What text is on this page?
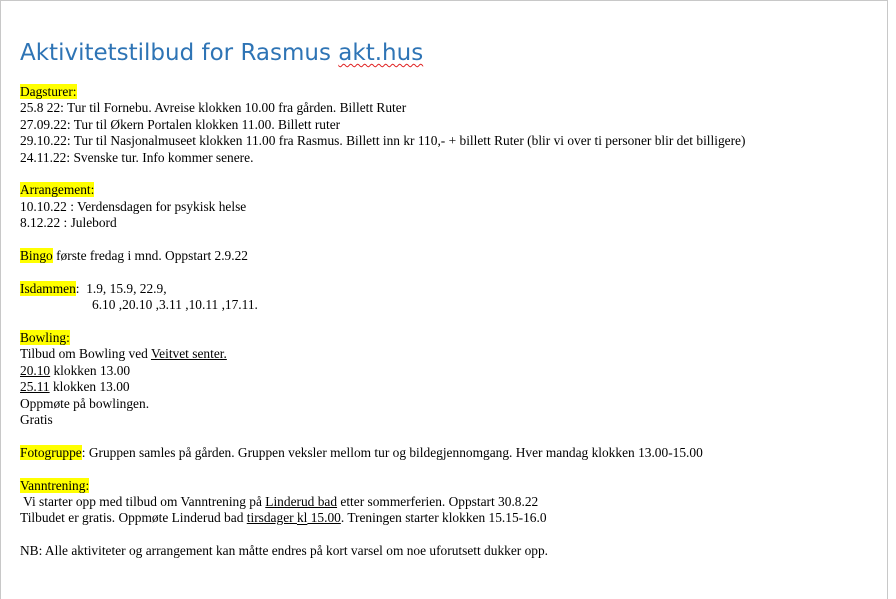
Aktivitetstilbud for Rasmus akt.hus
Dagsturer:
25.8 22: Tur til Fornebu. Avreise klokken 10.00 fra gården. Billett Ruter
27.09.22: Tur til Økern Portalen klokken 11.00. Billett ruter
29.10.22: Tur til Nasjonalmuseet klokken 11.00 fra Rasmus. Billett inn kr 110,- + billett Ruter (blir vi over ti personer blir det billigere)
24.11.22: Svenske tur. Info kommer senere.
Arrangement:
10.10.22 : Verdensdagen for psykisk helse
8.12.22 : Julebord
Bingo første fredag i mnd. Oppstart 2.9.22
Isdammen:  1.9, 15.9, 22.9,
6.10 ,20.10 ,3.11 ,10.11 ,17.11.
Bowling:
Tilbud om Bowling ved Veitvet senter.
20.10 klokken 13.00
25.11 klokken 13.00
Oppmøte på bowlingen.
Gratis
Fotogruppe: Gruppen samles på gården. Gruppen veksler mellom tur og bildegjennomgang. Hver mandag klokken 13.00-15.00
Vanntrening:
Vi starter opp med tilbud om Vanntrening på Linderud bad etter sommerferien. Oppstart 30.8.22
Tilbudet er gratis. Oppmøte Linderud bad tirsdager kl 15.00. Treningen starter klokken 15.15-16.0
NB: Alle aktiviteter og arrangement kan måtte endres på kort varsel om noe uforutsett dukker opp.
